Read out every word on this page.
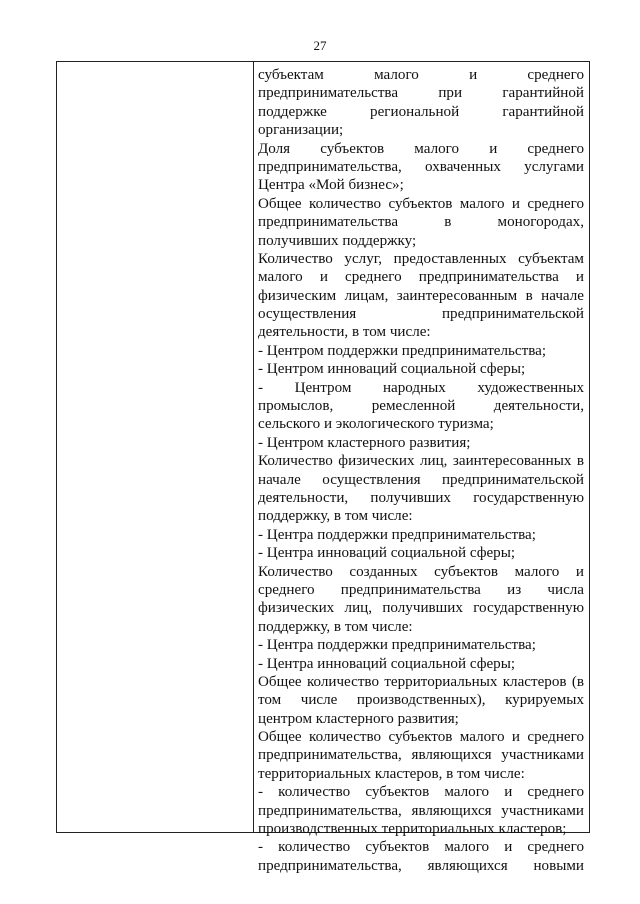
27
субъектам малого и среднего
предпринимательства при гарантийной
поддержке региональной гарантийной
организации;
Доля субъектов малого и среднего
предпринимательства, охваченных услугами
Центра «Мой бизнес»;
Общее количество субъектов малого и среднего
предпринимательства в моногородах,
получивших поддержку;
Количество услуг, предоставленных субъектам
малого и среднего предпринимательства и
физическим лицам, заинтересованным в начале
осуществления предпринимательской
деятельности, в том числе:
- Центром поддержки предпринимательства;
- Центром инноваций социальной сферы;
- Центром народных художественных
промыслов, ремесленной деятельности,
сельского и экологического туризма;
- Центром кластерного развития;
Количество физических лиц, заинтересованных в
начале осуществления предпринимательской
деятельности, получивших государственную
поддержку, в том числе:
- Центра поддержки предпринимательства;
- Центра инноваций социальной сферы;
Количество созданных субъектов малого и
среднего предпринимательства из числа
физических лиц, получивших государственную
поддержку, в том числе:
- Центра поддержки предпринимательства;
- Центра инноваций социальной сферы;
Общее количество территориальных кластеров (в
том числе производственных), курируемых
центром кластерного развития;
Общее количество субъектов малого и среднего
предпринимательства, являющихся участниками
территориальных кластеров, в том числе:
- количество субъектов малого и среднего
предпринимательства, являющихся участниками
производственных территориальных кластеров;
- количество субъектов малого и среднего
предпринимательства, являющихся новыми
